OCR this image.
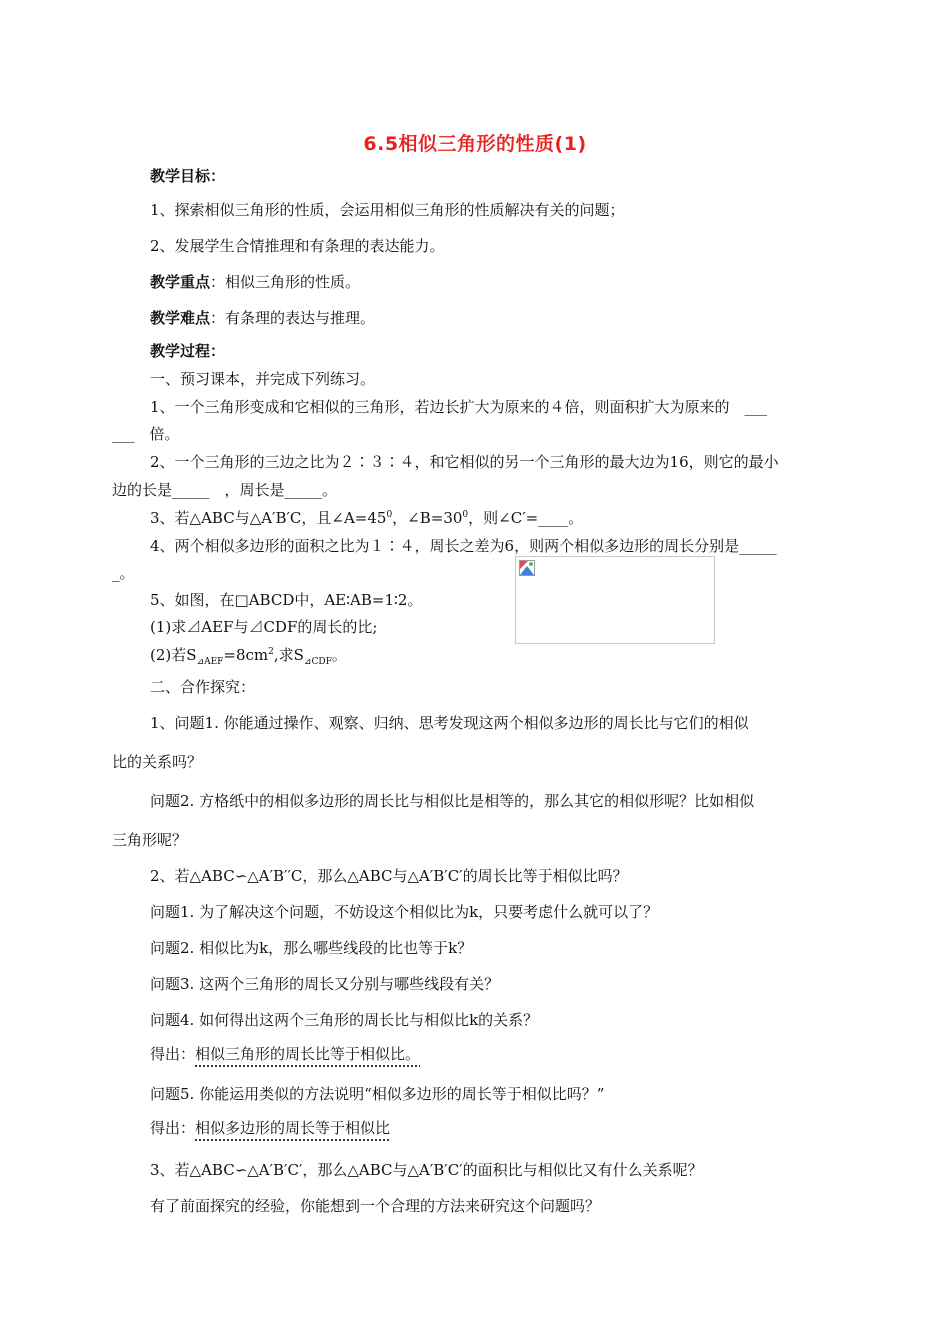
6.5相似三角形的性质(1)
教学目标：
1、探索相似三角形的性质，会运用相似三角形的性质解决有关的问题；
2、发展学生合情推理和有条理的表达能力。
教学重点：相似三角形的性质。
教学难点：有条理的表达与推理。
教学过程：
一、预习课本，并完成下列练习。
1、一个三角形变成和它相似的三角形，若边长扩大为原来的４倍，则面积扩大为原来的　___
___　倍。
2、一个三角形的三边之比为２∶３∶４，和它相似的另一个三角形的最大边为16，则它的最小
边的长是_____　，周长是_____。
3、若△ABC与△A′B′C，且$\angle A=45^0$，$\angle B=30^0$，则∠C′=____。
4、两个相似多边形的面积之比为１∶４，周长之差为6，则两个相似多边形的周长分别是_____
_。
5、如图，在□ABCD中，AE∶AB=1∶2。
(1)求⊿AEF与⊿CDF的周长的比;
(2)若$S_{⊿AEF}=8cm^2$,求$S_{⊿CDF}$。
二、合作探究：
1、问题1. 你能通过操作、观察、归纳、思考发现这两个相似多边形的周长比与它们的相似
比的关系吗？
问题2. 方格纸中的相似多边形的周长比与相似比是相等的，那么其它的相似形呢？比如相似
三角形呢？
2、若△ABC∽△A′B′′C，那么△ABC与△A′B′C′的周长比等于相似比吗？
问题1. 为了解决这个问题，不妨设这个相似比为k，只要考虑什么就可以了？
问题2. 相似比为k，那么哪些线段的比也等于k？
问题3. 这两个三角形的周长又分别与哪些线段有关？
问题4. 如何得出这两个三角形的周长比与相似比k的关系？
得出：相似三角形的周长比等于相似比。
问题5. 你能运用类似的方法说明“相似多边形的周长等于相似比吗？”
得出：相似多边形的周长等于相似比
3、若△ABC∽△A′B′C′，那么△ABC与△A′B′C′的面积比与相似比又有什么关系呢？
有了前面探究的经验，你能想到一个合理的方法来研究这个问题吗？
